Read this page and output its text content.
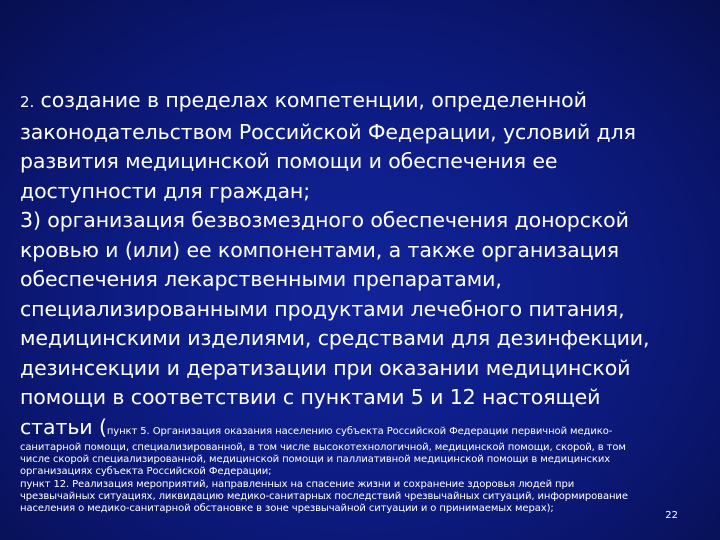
2. создание в пределах компетенции, определенной
законодательством Российской Федерации, условий для
развития медицинской помощи и обеспечения ее
доступности для граждан;
3) организация безвозмездного обеспечения донорской
кровью и (или) ее компонентами, а также организация
обеспечения лекарственными препаратами,
специализированными продуктами лечебного питания,
медицинскими изделиями, средствами для дезинфекции,
дезинсекции и дератизации при оказании медицинской
помощи в соответствии с пунктами 5 и 12 настоящей
статьи (пункт 5. Организация оказания населению субъекта Российской Федерации первичной медико-
санитарной помощи, специализированной, в том числе высокотехнологичной, медицинской помощи, скорой, в том
числе скорой специализированной, медицинской помощи и паллиативной медицинской помощи в медицинских
организациях субъекта Российской Федерации;
пункт 12. Реализация мероприятий, направленных на спасение жизни и сохранение здоровья людей при
чрезвычайных ситуациях, ликвидацию медико-санитарных последствий чрезвычайных ситуаций, информирование
населения о медико-санитарной обстановке в зоне чрезвычайной ситуации и о принимаемых мерах);
22
